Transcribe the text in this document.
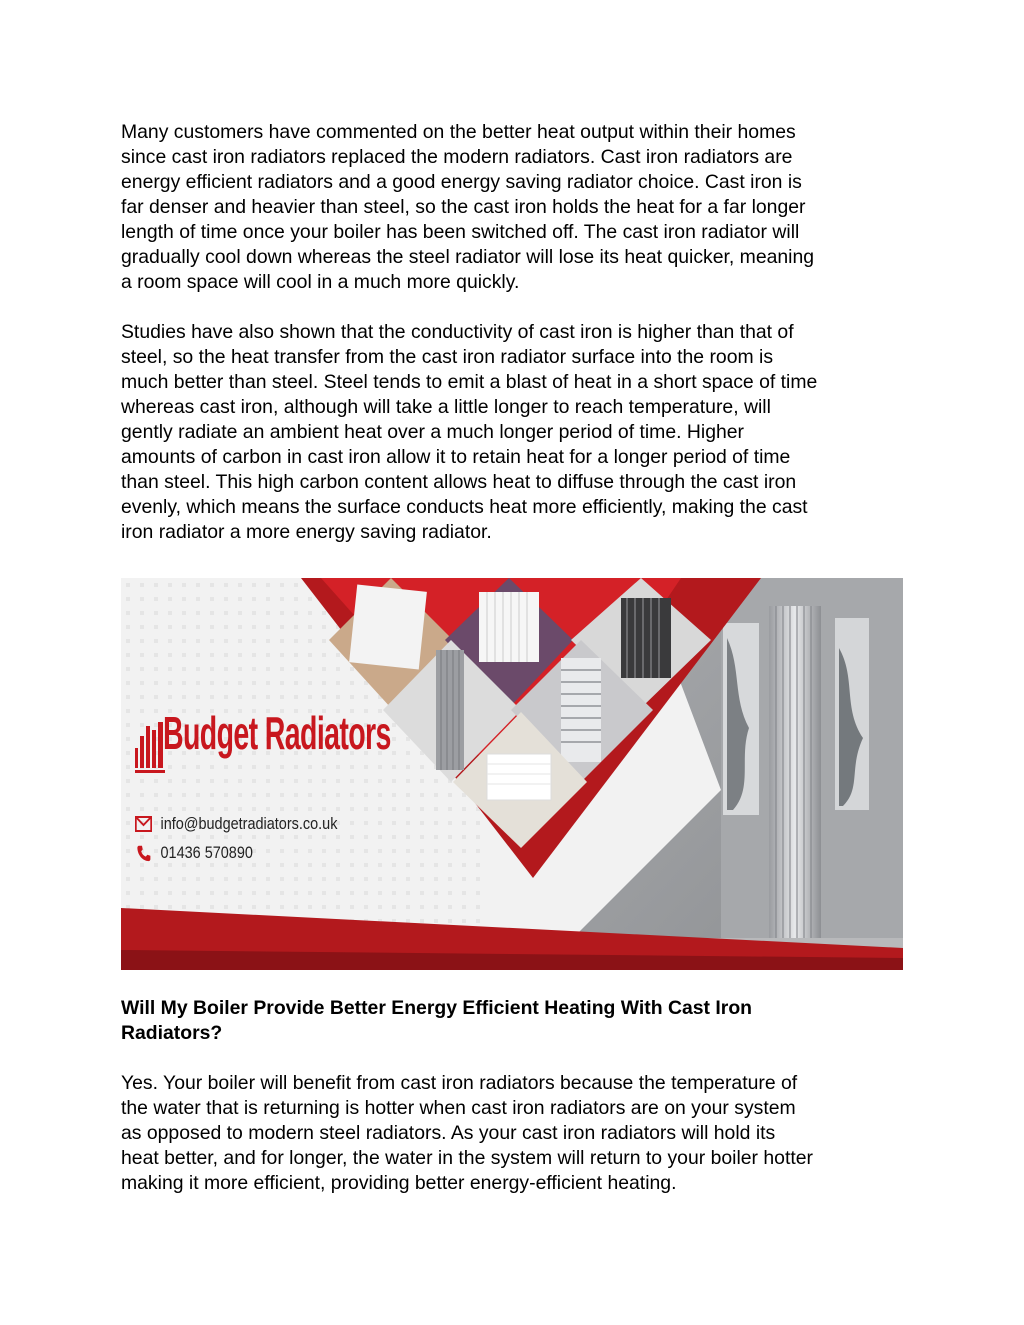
Many customers have commented on the better heat output within their homes
since cast iron radiators replaced the modern radiators. Cast iron radiators are
energy efficient radiators and a good energy saving radiator choice. Cast iron is
far denser and heavier than steel, so the cast iron holds the heat for a far longer
length of time once your boiler has been switched off. The cast iron radiator will
gradually cool down whereas the steel radiator will lose its heat quicker, meaning
a room space will cool in a much more quickly.

Studies have also shown that the conductivity of cast iron is higher than that of
steel, so the heat transfer from the cast iron radiator surface into the room is
much better than steel. Steel tends to emit a blast of heat in a short space of time
whereas cast iron, although will take a little longer to reach temperature, will
gently radiate an ambient heat over a much longer period of time. Higher
amounts of carbon in cast iron allow it to retain heat for a longer period of time
than steel. This high carbon content allows heat to diffuse through the cast iron
evenly, which means the surface conducts heat more efficiently, making the cast
iron radiator a more energy saving radiator.

Budget Radiators
info@budgetradiators.co.uk
01436 570890
Will My Boiler Provide Better Energy Efficient Heating With Cast Iron
Radiators?

Yes. Your boiler will benefit from cast iron radiators because the temperature of
the water that is returning is hotter when cast iron radiators are on your system
as opposed to modern steel radiators. As your cast iron radiators will hold its
heat better, and for longer, the water in the system will return to your boiler hotter
making it more efficient, providing better energy-efficient heating.
